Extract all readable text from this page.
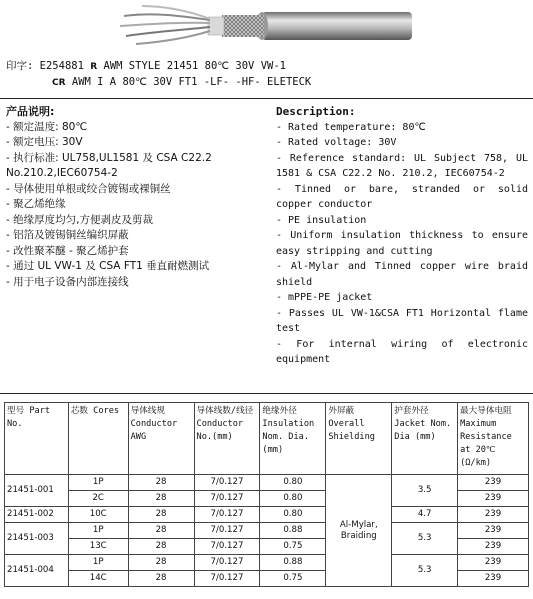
印字: E254881 R AWM STYLE 21451 80℃ 30V VW-1
CR AWM I A 80℃ 30V FT1 -LF- -HF- ELETECK
产品说明:
- 额定温度: 80℃
- 额定电压: 30V
- 执行标准: UL758,UL1581 及 CSA C22.2 No.210.2,IEC60754-2
- 导体使用单根或绞合镀锡或裸铜丝
- 聚乙烯绝缘
- 绝缘厚度均匀,方便剥皮及剪裁
- 铝箔及镀锡铜丝编织屏蔽
- 改性聚苯醚 - 聚乙烯护套
- 通过 UL VW-1 及 CSA FT1 垂直耐燃测试
- 用于电子设备内部连接线
Description:
- Rated temperature: 80℃
- Rated voltage: 30V
- Reference standard: UL Subject 758, UL 1581 & CSA C22.2 No. 210.2, IEC60754-2
- Tinned or bare, stranded or solid copper conductor
- PE insulation
- Uniform insulation thickness to ensure easy stripping and cutting
- Al-Mylar and Tinned copper wire braid shield
- mPPE-PE jacket
- Passes UL VW-1&CSA FT1 Horizontal flame test
- For internal wiring of electronic equipment
型号 Part No.	芯数 Cores	导体线规 Conductor AWG	导体线数/线径 Conductor No.(mm)	绝缘外径 Insulation Nom. Dia.(mm)	外屏蔽 Overall Shielding	护套外径 Jacket Nom. Dia (mm)	最大导体电阻 Maximum Resistance at 20℃ (Ω/km)
21451-001	1P	28	7/0.127	0.80	Al-Mylar, Braiding	3.5	239
	2C	28	7/0.127	0.80			239
21451-002	10C	28	7/0.127	0.80		4.7	239
21451-003	1P	28	7/0.127	0.88		5.3	239
	13C	28	7/0.127	0.75			239
21451-004	1P	28	7/0.127	0.88		5.3	239
	14C	28	7/0.127	0.75			239
